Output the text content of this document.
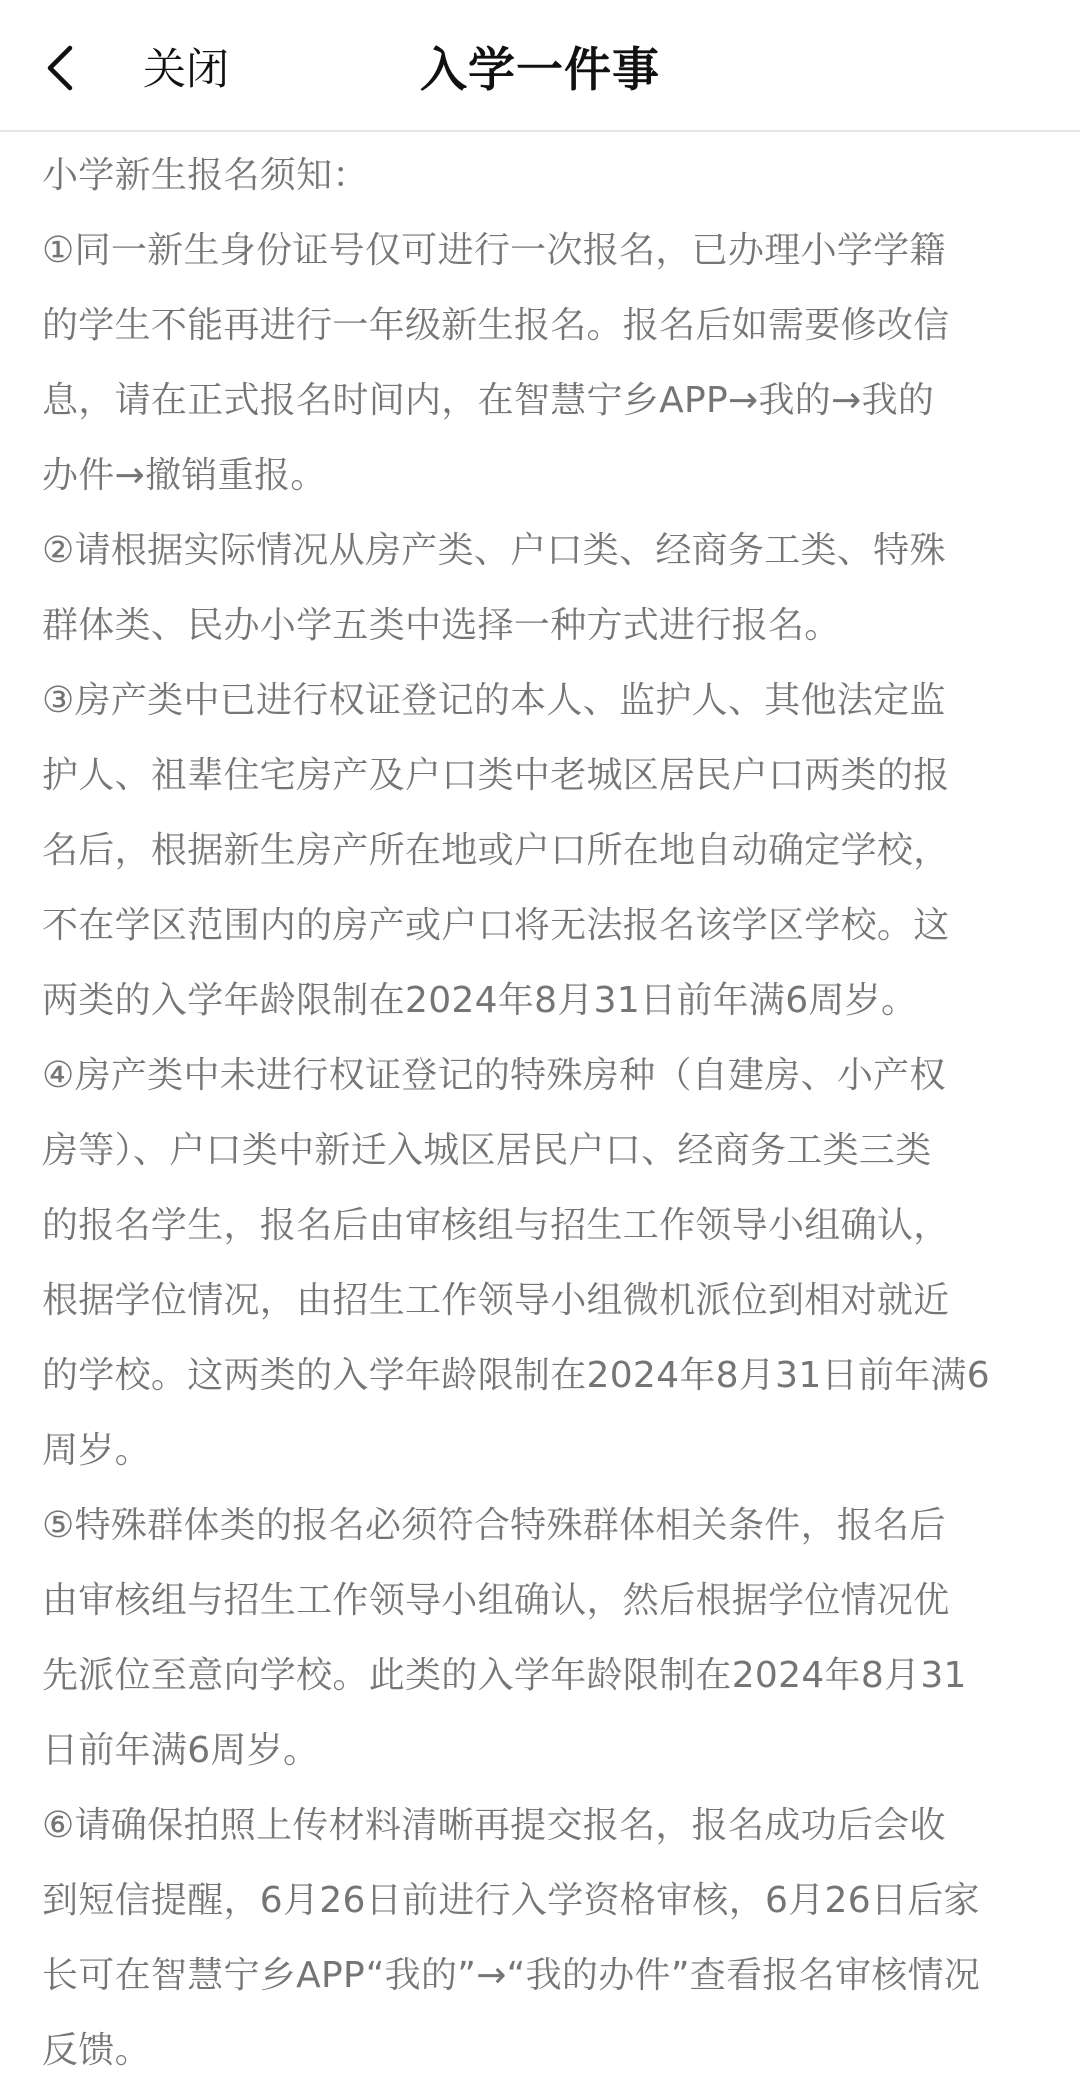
关闭	入学一件事
小学新生报名须知：
①同一新生身份证号仅可进行一次报名，已办理小学学籍
的学生不能再进行一年级新生报名。报名后如需要修改信
息，请在正式报名时间内，在智慧宁乡APP→我的→我的
办件→撤销重报。
②请根据实际情况从房产类、户口类、经商务工类、特殊
群体类、民办小学五类中选择一种方式进行报名。
③房产类中已进行权证登记的本人、监护人、其他法定监
护人、祖辈住宅房产及户口类中老城区居民户口两类的报
名后，根据新生房产所在地或户口所在地自动确定学校，
不在学区范围内的房产或户口将无法报名该学区学校。这
两类的入学年龄限制在2024年8月31日前年满6周岁。
④房产类中未进行权证登记的特殊房种（自建房、小产权
房等）、户口类中新迁入城区居民户口、经商务工类三类
的报名学生，报名后由审核组与招生工作领导小组确认，
根据学位情况，由招生工作领导小组微机派位到相对就近
的学校。这两类的入学年龄限制在2024年8月31日前年满6
周岁。
⑤特殊群体类的报名必须符合特殊群体相关条件，报名后
由审核组与招生工作领导小组确认，然后根据学位情况优
先派位至意向学校。此类的入学年龄限制在2024年8月31
日前年满6周岁。
⑥请确保拍照上传材料清晰再提交报名，报名成功后会收
到短信提醒，6月26日前进行入学资格审核，6月26日后家
长可在智慧宁乡APP“我的”→“我的办件”查看报名审核情况
反馈。
